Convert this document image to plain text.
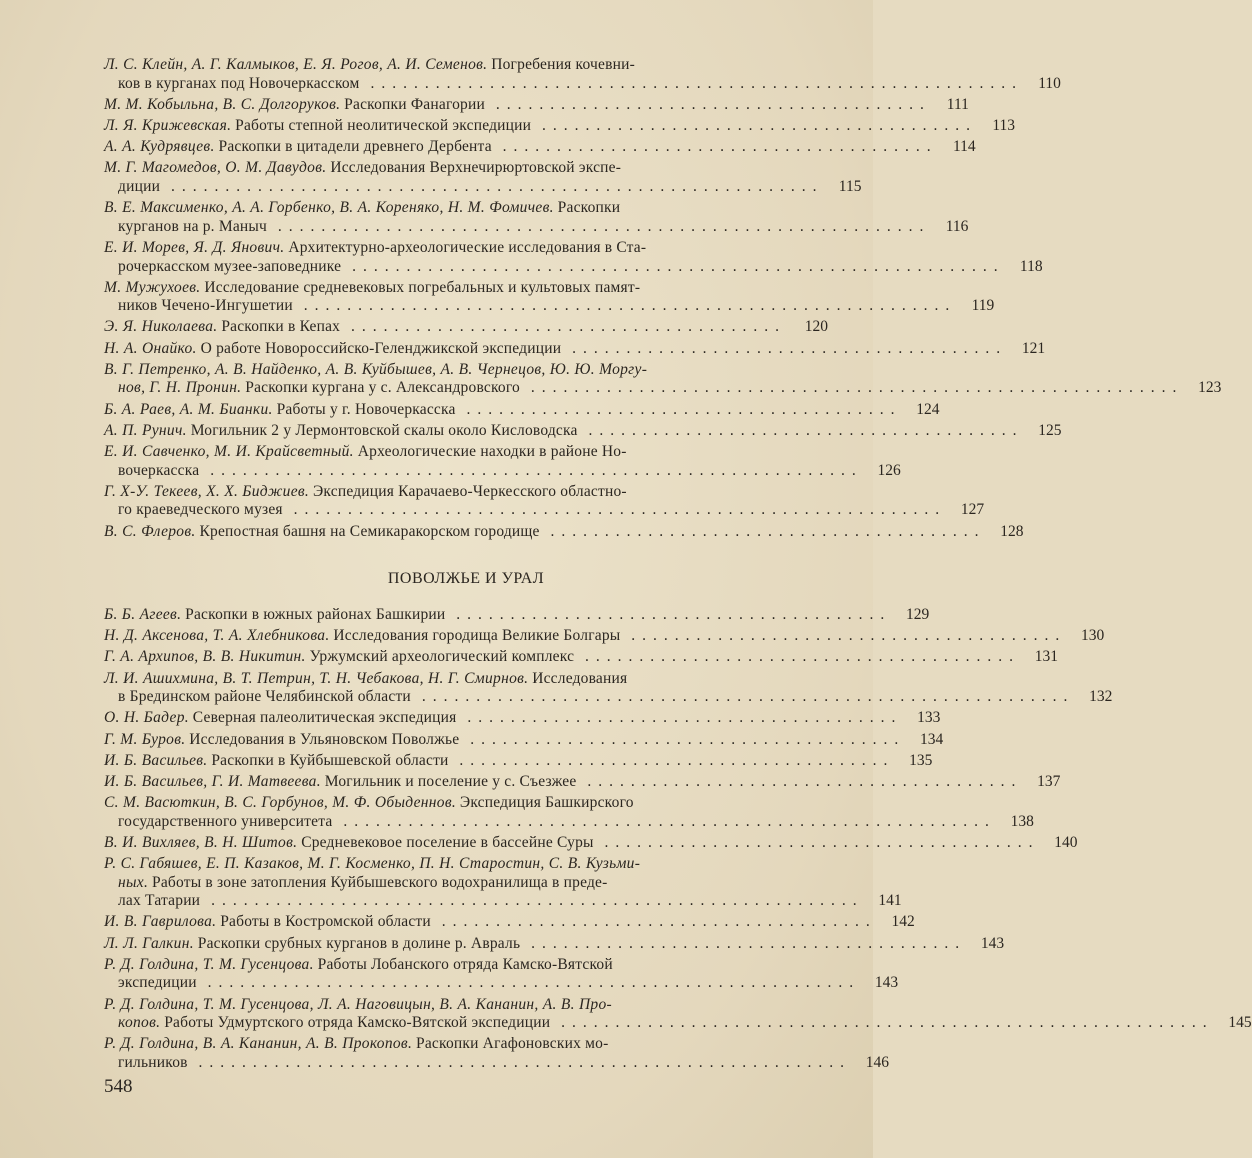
Л. С. Клейн, А. Г. Калмыков, Е. Я. Рогов, А. И. Семенов. Погребения кочевни-
ков в курганах под Новочеркасском ............................................................ 110
М. М. Кобыльна, В. С. Долгоруков. Раскопки Фанагории ........................................	111
Л. Я. Крижевская. Работы степной неолитической экспедиции ........................................ 113
А. А. Кудрявцев. Раскопки в цитадели древнего Дербента ........................................ 114
М. Г. Магомедов, О. М. Давудов. Исследования Верхнечирюртовской экспе-
диции ............................................................ 115
В. Е. Максименко, А. А. Горбенко, В. А. Кореняко, Н. М. Фомичев. Раскопки
курганов на р. Маныч ............................................................ 116
Е. И. Морев, Я. Д. Янович. Архитектурно-археологические исследования в Ста-
рочеркасском музее-заповеднике ............................................................ 118
М. Мужухоев. Исследование средневековых погребальных и культовых памят-
ников Чечено-Ингушетии ............................................................ 119
Э. Я. Николаева. Раскопки в Кепах ........................................	120
Н. А. Онайко. О работе Новороссийско-Геленджикской экспедиции ........................................ 121
В. Г. Петренко, А. В. Найденко, А. В. Куйбышев, А. В. Чернецов, Ю. Ю. Моргу-
нов, Г. Н. Пронин. Раскопки кургана у с. Александровского ............................................................ 123
Б. А. Раев, А. М. Бианки. Работы у г. Новочеркасска ........................................ 124
А. П. Рунич. Могильник 2 у Лермонтовской скалы около Кисловодска ........................................ 125
Е. И. Савченко, М. И. Крайсветный. Археологические находки в районе Но-
вочеркасска ............................................................ 126
Г. Х-У. Текеев, Х. Х. Биджиев. Экспедиция Карачаево-Черкесского областно-
го краеведческого музея ............................................................ 127
В. С. Флеров. Крепостная башня на Семикаракорском городище ........................................ 128
ПОВОЛЖЬЕ И УРАЛ
Б. Б. Агеев. Раскопки в южных районах Башкирии ........................................ 129
Н. Д. Аксенова, Т. А. Хлебникова. Исследования городища Великие Болгары ........................................ 130
Г. А. Архипов, В. В. Никитин. Уржумский археологический комплекс ........................................ 131
Л. И. Ашихмина, В. Т. Петрин, Т. Н. Чебакова, Н. Г. Смирнов. Исследования
в Брединском районе Челябинской области ............................................................ 132
О. Н. Бадер. Северная палеолитическая экспедиция ........................................ 133
Г. М. Буров. Исследования в Ульяновском Поволжье ........................................ 134
И. Б. Васильев. Раскопки в Куйбышевской области ........................................ 135
И. Б. Васильев, Г. И. Матвеева. Могильник и поселение у с. Съезжее ........................................ 137
С. М. Васюткин, В. С. Горбунов, М. Ф. Обыденнов. Экспедиция Башкирского
государственного университета ............................................................ 138
В. И. Вихляев, В. Н. Шитов. Средневековое поселение в бассейне Суры ........................................ 140
Р. С. Габяшев, Е. П. Казаков, М. Г. Косменко, П. Н. Старостин, С. В. Кузьми-
ных. Работы в зоне затопления Куйбышевского водохранилища в преде-
лах Татарии ............................................................ 141
И. В. Гаврилова. Работы в Костромской области ........................................ 142
Л. Л. Галкин. Раскопки срубных курганов в долине р. Авраль ........................................ 143
Р. Д. Голдина, Т. М. Гусенцова. Работы Лобанского отряда Камско-Вятской
экспедиции ............................................................ 143
Р. Д. Голдина, Т. М. Гусенцова, Л. А. Наговицын, В. А. Кананин, А. В. Про-
копов. Работы Удмуртского отряда Камско-Вятской экспедиции ............................................................ 145
Р. Д. Голдина, В. А. Кананин, А. В. Прокопов. Раскопки Агафоновских мо-
гильников ............................................................ 146
548
